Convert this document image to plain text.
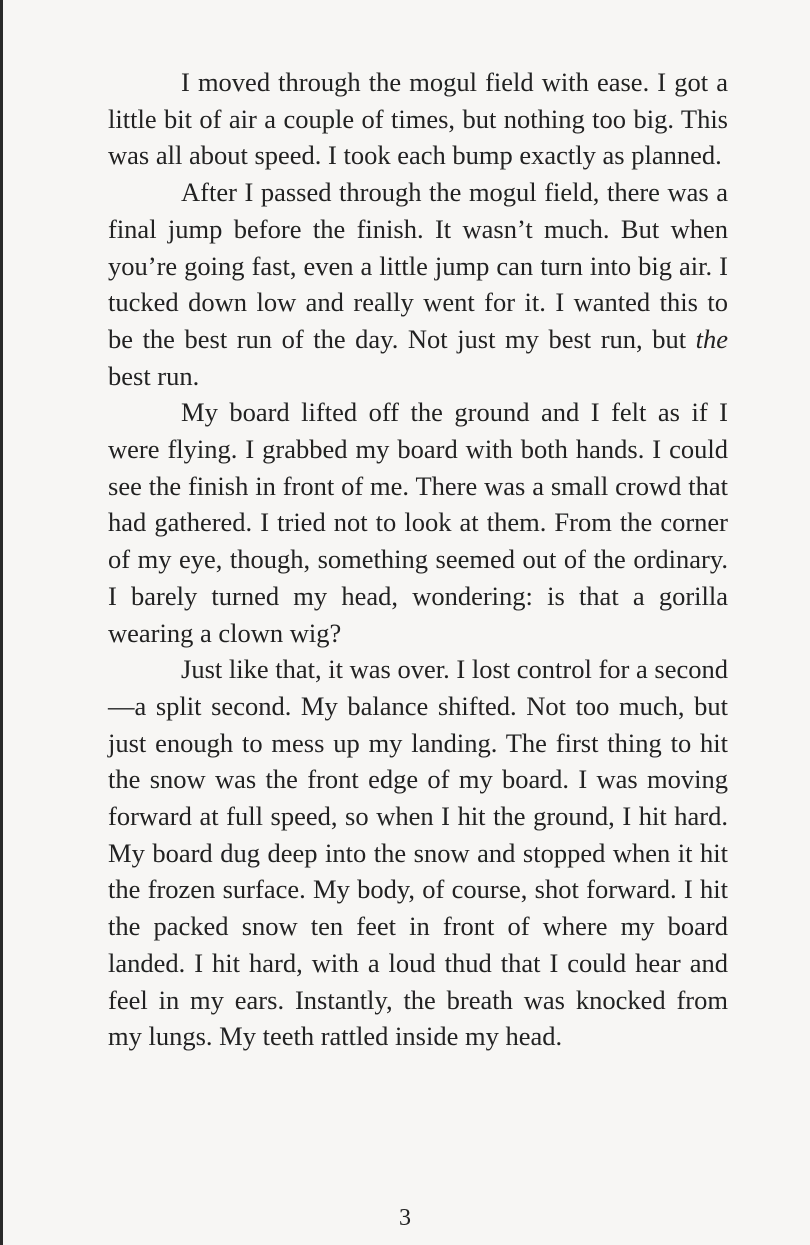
I moved through the mogul field with ease. I got a little bit of air a couple of times, but nothing too big. This was all about speed. I took each bump exactly as planned.

After I passed through the mogul field, there was a final jump before the finish. It wasn’t much. But when you’re going fast, even a little jump can turn into big air. I tucked down low and really went for it. I wanted this to be the best run of the day. Not just my best run, but the best run.

My board lifted off the ground and I felt as if I were flying. I grabbed my board with both hands. I could see the finish in front of me. There was a small crowd that had gathered. I tried not to look at them. From the corner of my eye, though, something seemed out of the ordinary. I barely turned my head, wondering: is that a gorilla wearing a clown wig?

Just like that, it was over. I lost control for a second—a split second. My balance shifted. Not too much, but just enough to mess up my landing. The first thing to hit the snow was the front edge of my board. I was moving forward at full speed, so when I hit the ground, I hit hard. My board dug deep into the snow and stopped when it hit the frozen surface. My body, of course, shot forward. I hit the packed snow ten feet in front of where my board landed. I hit hard, with a loud thud that I could hear and feel in my ears. Instantly, the breath was knocked from my lungs. My teeth rattled inside my head.

3
